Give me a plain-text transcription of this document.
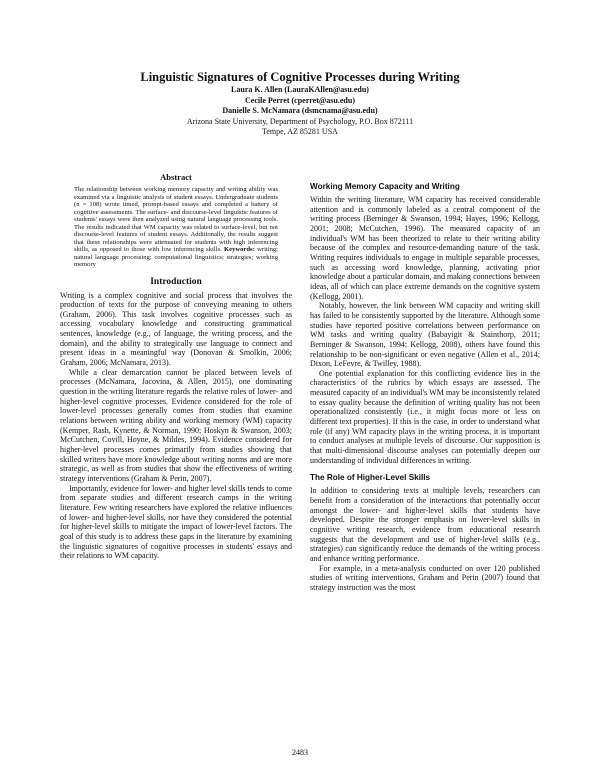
Linguistic Signatures of Cognitive Processes during Writing
Laura K. Allen (LauraKAllen@asu.edu)
Cecile Perret (cperret@asu.edu)
Danielle S. McNamara (dsmcnama@asu.edu)
Arizona State University, Department of Psychology, P.O. Box 872111
Tempe, AZ 85281 USA
Abstract
The relationship between working memory capacity and writing ability was examined via a linguistic analysis of student essays. Undergraduate students (n = 108) wrote timed, prompt-based essays and completed a battery of cognitive assessments. The surface- and discourse-level linguistic features of students' essays were then analyzed using natural language processing tools. The results indicated that WM capacity was related to surface-level, but not discourse-level features of student essays. Additionally, the results suggest that these relationships were attenuated for students with high inferencing skills, as opposed to those with low inferencing skills. Keywords: writing; natural language processing; computational linguistics; strategies; working memory
Introduction

Writing is a complex cognitive and social process that involves the production of texts for the purpose of conveying meaning to others (Graham, 2006). This task involves cognitive processes such as accessing vocabulary knowledge and constructing grammatical sentences, knowledge (e.g., of language, the writing process, and the domain), and the ability to strategically use language to connect and present ideas in a meaningful way (Donovan & Smolkin, 2006; Graham, 2006; McNamara, 2013).

While a clear demarcation cannot be placed between levels of processes (McNamara, Jacovina, & Allen, 2015), one dominating question in the writing literature regards the relative roles of lower- and higher-level cognitive processes. Evidence considered for the role of lower-level processes generally comes from studies that examine relations between writing ability and working memory (WM) capacity (Kemper, Rash, Kynette, & Norman, 1990; Hoskyn & Swanson, 2003; McCutchen, Covill, Hoyne, & Mildes, 1994). Evidence considered for higher-level processes comes primarily from studies showing that skilled writers have more knowledge about writing norms and are more strategic, as well as from studies that show the effectiveness of writing strategy interventions (Graham & Perin, 2007).

Importantly, evidence for lower- and higher level skills tends to come from separate studies and different research camps in the writing literature. Few writing researchers have explored the relative influences of lower- and higher-level skills, nor have they considered the potential for higher-level skills to mitigate the impact of lower-level factors. The goal of this study is to address these gaps in the literature by examining the linguistic signatures of cognitive processes in students' essays and their relations to WM capacity.

Working Memory Capacity and Writing

Within the writing literature, WM capacity has received considerable attention and is commonly labeled as a central component of the writing process (Berninger & Swanson, 1994; Hayes, 1996; Kellogg, 2001; 2008; McCutchen, 1996). The measured capacity of an individual's WM has been theorized to relate to their writing ability because of the complex and resource-demanding nature of the task. Writing requires individuals to engage in multiple separable processes, such as accessing word knowledge, planning, activating prior knowledge about a particular domain, and making connections between ideas, all of which can place extreme demands on the cognitive system (Kellogg, 2001).

Notably, however, the link between WM capacity and writing skill has failed to be consistently supported by the literature. Although some studies have reported positive correlations between performance on WM tasks and writing quality (Babayigit & Stainthorp, 2011; Berninger & Swanson, 1994; Kellogg, 2008), others have found this relationship to be non-significant or even negative (Allen et al., 2014; Dixon, LeFevre, & Twilley, 1988).

One potential explanation for this conflicting evidence lies in the characteristics of the rubrics by which essays are assessed. The measured capacity of an individual's WM may be inconsistently related to essay quality because the definition of writing quality has not been operationalized consistently (i.e., it might focus more or less on different text properties). If this is the case, in order to understand what role (if any) WM capacity plays in the writing process, it is important to conduct analyses at multiple levels of discourse. Our supposition is that multi-dimensional discourse analyses can potentially deepen our understanding of individual differences in writing.

The Role of Higher-Level Skills

In addition to considering texts at multiple levels, researchers can benefit from a consideration of the interactions that potentially occur amongst the lower- and higher-level skills that students have developed. Despite the stronger emphasis on lower-level skills in cognitive writing research, evidence from educational research suggests that the development and use of higher-level skills (e.g., strategies) can significantly reduce the demands of the writing process and enhance writing performance.

For example, in a meta-analysis conducted on over 120 published studies of writing interventions, Graham and Perin (2007) found that strategy instruction was the most

2483
